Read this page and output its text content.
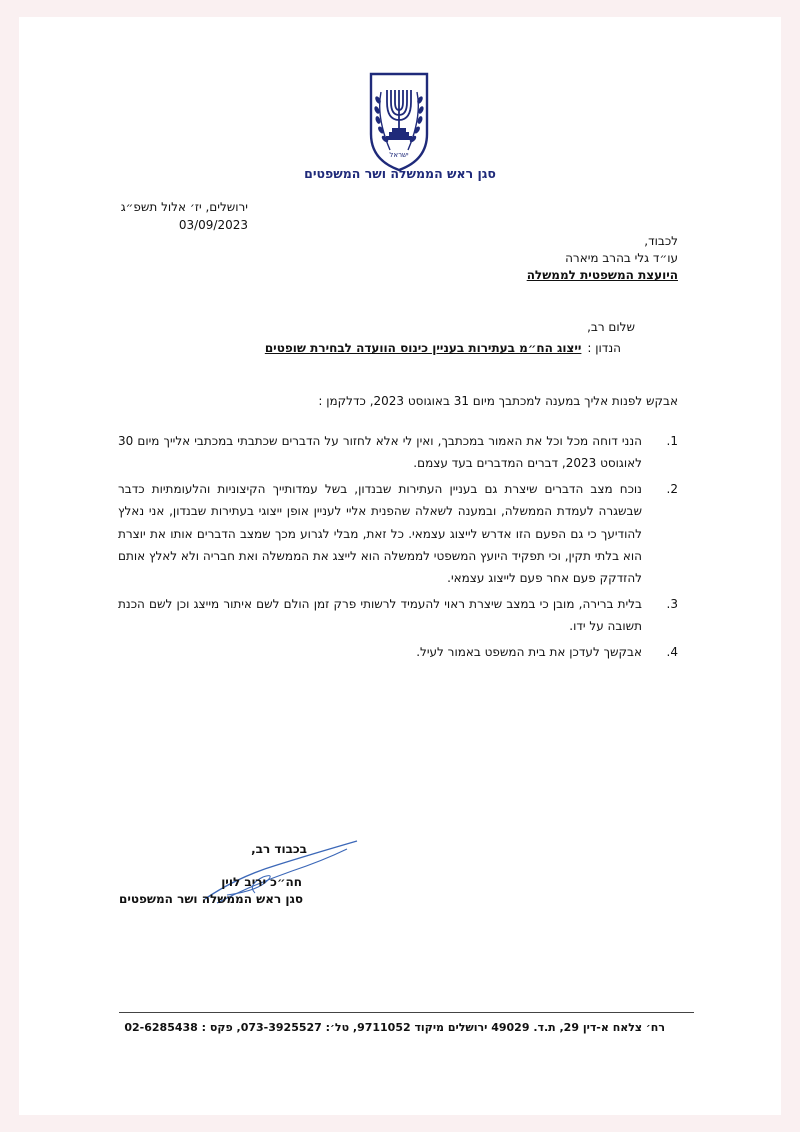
ישראל
סגן ראש הממשלה ושר המשפטים
ירושלים, יז׳ אלול תשפ״ג
03/09/2023
לכבוד,
עו״ד גלי בהרב מיארה
היועצת המשפטית לממשלה
שלום רב,
הנדון :ייצוג הח״מ בעתירות בעניין כינוס הוועדה לבחירת שופטים
אבקש לפנות אליך במענה למכתבך מיום 31 באוגוסט 2023, כדלקמן :
1.
הנני דוחה מכל וכל את האמור במכתבך, ואין לי אלא לחזור על הדברים שכתבתי במכתבי אלייך מיום 30 לאוגוסט 2023, דברים המדברים בעד עצמם.
2.
נוכח מצב הדברים שיצרת גם בעניין העתירות שבנדון, בשל עמדותייך הקיצוניות והלעומתיות כדבר שבשגרה לעמדת הממשלה, ובמענה לשאלה שהפנית אליי לעניין אופן ייצוגי בעתירות שבנדון, אני נאלץ להודיעך כי גם הפעם הזו אדרש לייצוג עצמאי. כל זאת, מבלי לגרוע מכך שמצב הדברים אותו את יוצרת הוא בלתי תקין, וכי תפקיד היועץ המשפטי לממשלה הוא לייצג את הממשלה ואת חבריה ולא לאלץ אותם להזדקק פעם אחר פעם לייצוג עצמאי.
3.
בלית ברירה, מובן כי במצב שיצרת ראוי להעמיד לרשותי פרק זמן הולם לשם איתור מייצג וכן לשם הכנת תשובה על ידו.
4.
אבקשך לעדכן את בית המשפט באמור לעיל.
בכבוד רב,
חה״כ יריב לוין
סגן ראש הממשלה ושר המשפטים
רח׳ צלאח א-דין 29, ת.ד. 49029 ירושלים מיקוד 9711052, טל׳: 073-3925527, פקס : 02-6285438
